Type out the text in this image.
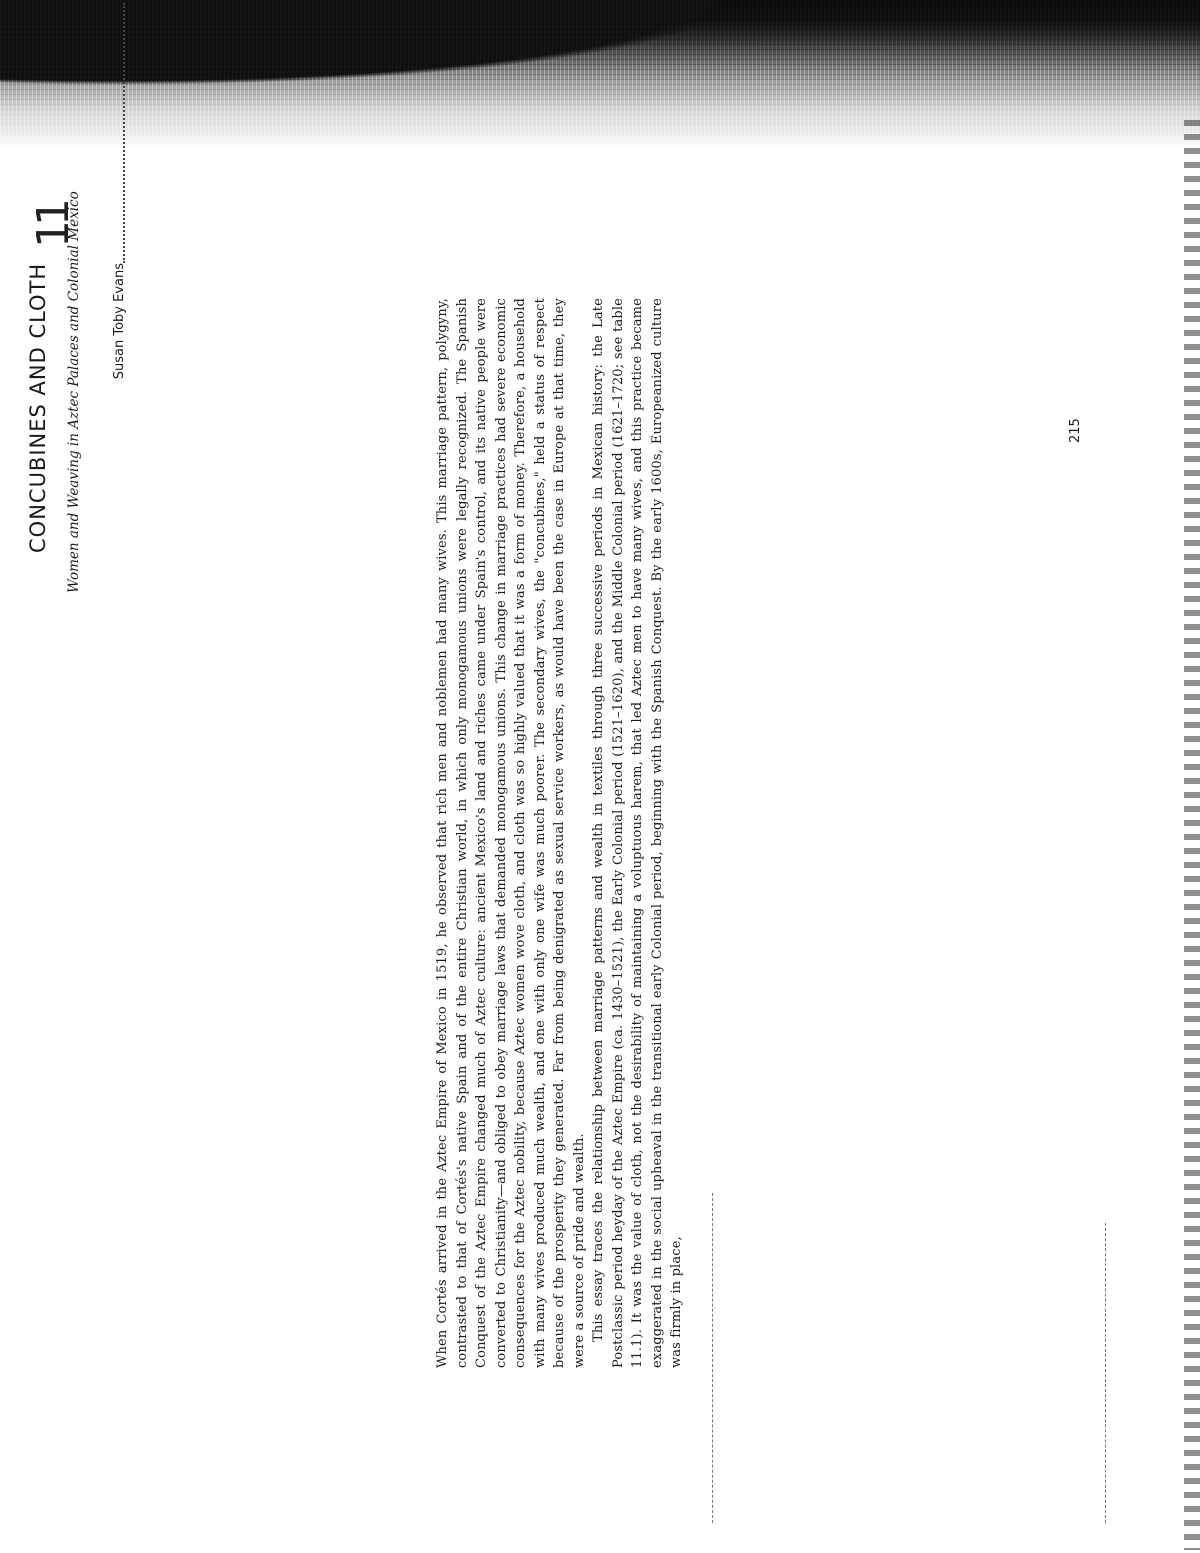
11
CONCUBINES AND CLOTH Women and Weaving in Aztec Palaces and Colonial Mexico Susan Toby Evans	When Cortés arrived in the Aztec Empire of Mexico in 1519, he observed that rich men and noblemen had many wives. This marriage pattern, polygyny, contrasted to that of Cortés's native Spain and of the entire Christian world, in which only monogamous unions were legally recognized. The Spanish Conquest of the Aztec Empire changed much of Aztec culture: ancient Mexico's land and riches came under Spain's control, and its native people were converted to Christianity—and obliged to obey marriage laws that demanded monogamous unions. This change in marriage practices had severe economic consequences for the Aztec nobility, because Aztec women wove cloth, and cloth was so highly valued that it was a form of money. Therefore, a household with many wives produced much wealth, and one with only one wife was much poorer. The secondary wives, the "concubines," held a status of respect because of the prosperity they generated. Far from being denigrated as sexual service workers, as would have been the case in Europe at that time, they were a source of pride and wealth. This essay traces the relationship between marriage patterns and wealth in textiles through three successive periods in Mexican history: the Late Postclassic period heyday of the Aztec Empire (ca. 1430–1521), the Early Colonial period (1521–1620), and the Middle Colonial period (1621–1720; see table 11.1). It was the value of cloth, not the desirability of maintaining a voluptuous harem, that led Aztec men to have many wives, and this practice became exaggerated in the social upheaval in the transitional early Colonial period, beginning with the Spanish Conquest. By the early 1600s, Europeanized culture was firmly in place,

215
